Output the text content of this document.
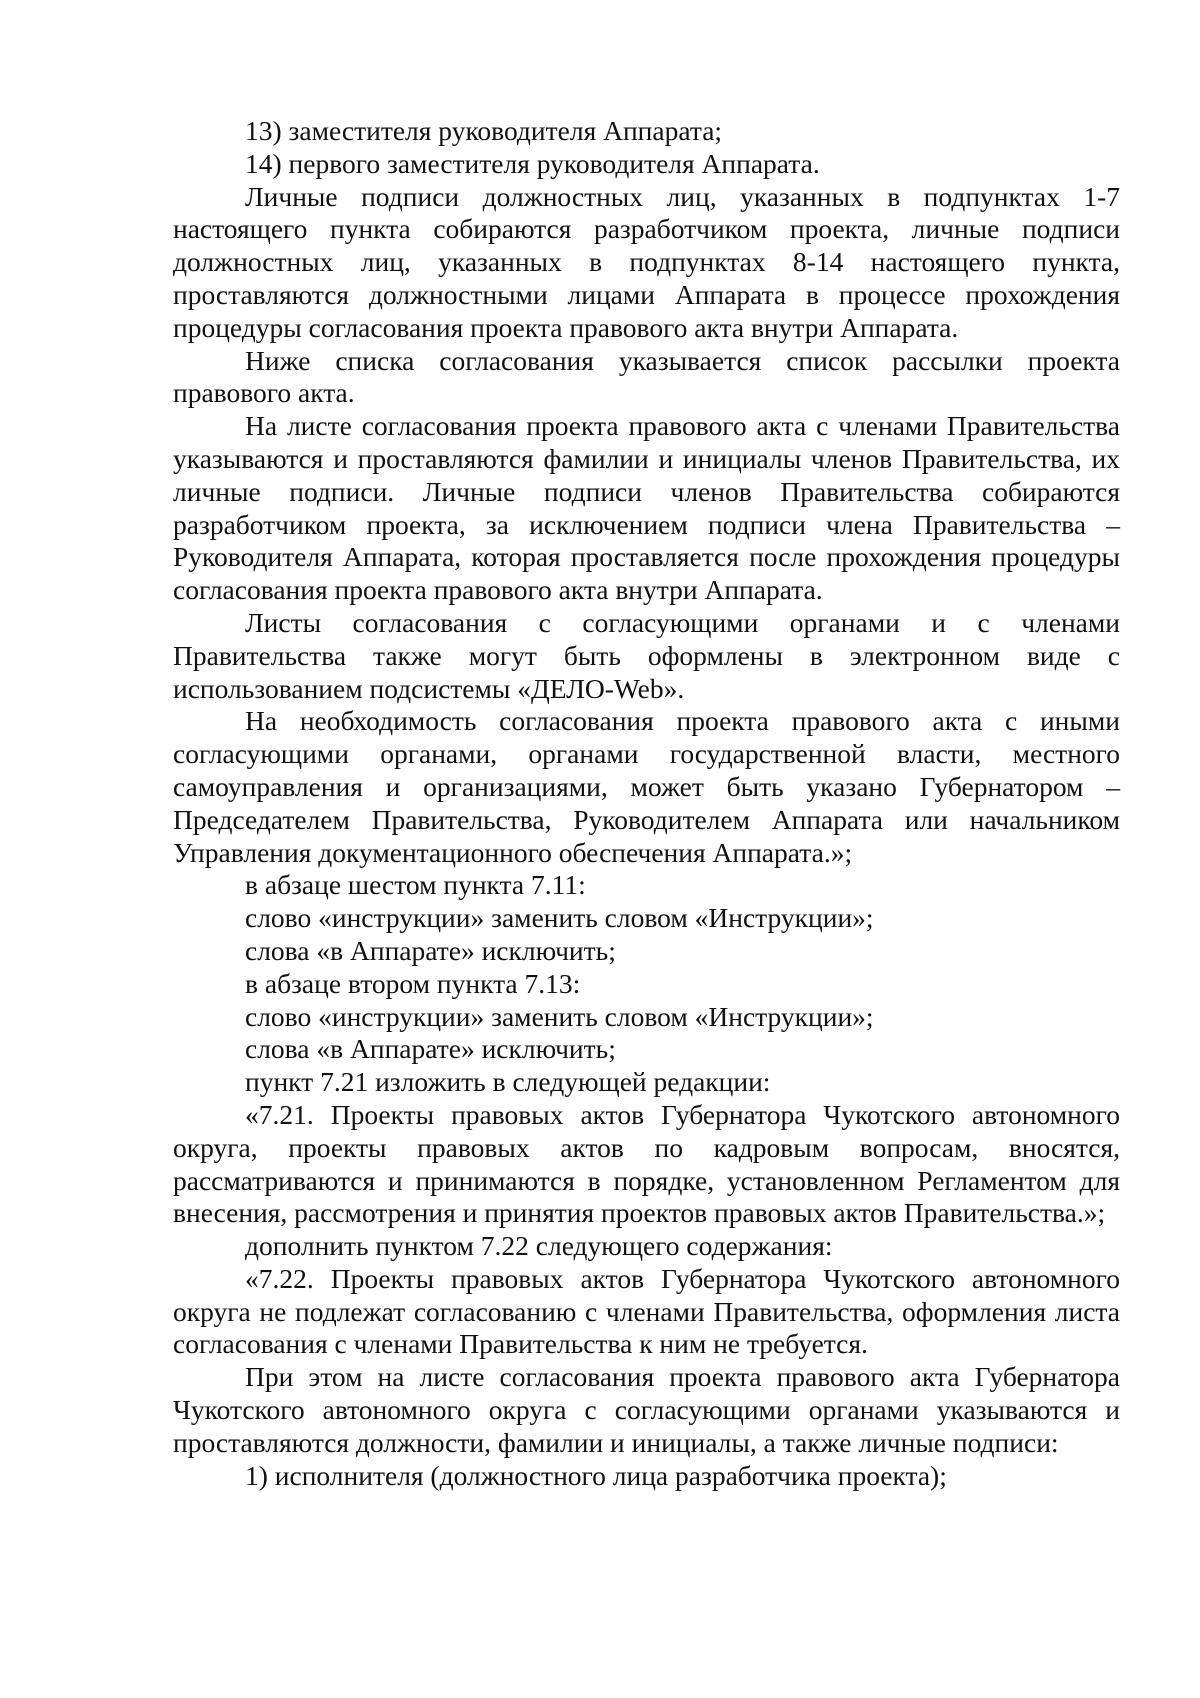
13) заместителя руководителя Аппарата;

14) первого заместителя руководителя Аппарата.

Личные подписи должностных лиц, указанных в подпунктах 1-7 настоящего пункта собираются разработчиком проекта, личные подписи должностных лиц, указанных в подпунктах 8-14 настоящего пункта, проставляются должностными лицами Аппарата в процессе прохождения процедуры согласования проекта правового акта внутри Аппарата.

Ниже списка согласования указывается список рассылки проекта правового акта.

На листе согласования проекта правового акта с членами Правительства указываются и проставляются фамилии и инициалы членов Правительства, их личные подписи. Личные подписи членов Правительства собираются разработчиком проекта, за исключением подписи члена Правительства – Руководителя Аппарата, которая проставляется после прохождения процедуры согласования проекта правового акта внутри Аппарата.

Листы согласования с согласующими органами и с членами Правительства также могут быть оформлены в электронном виде с использованием подсистемы «ДЕЛО-Web».

На необходимость согласования проекта правового акта с иными согласующими органами, органами государственной власти, местного самоуправления и организациями, может быть указано Губернатором – Председателем Правительства, Руководителем Аппарата или начальником Управления документационного обеспечения Аппарата.»;

в абзаце шестом пункта 7.11:

слово «инструкции» заменить словом «Инструкции»;

слова «в Аппарате» исключить;

в абзаце втором пункта 7.13:

слово «инструкции» заменить словом «Инструкции»;

слова «в Аппарате» исключить;

пункт 7.21 изложить в следующей редакции:

«7.21. Проекты правовых актов Губернатора Чукотского автономного округа, проекты правовых актов по кадровым вопросам, вносятся, рассматриваются и принимаются в порядке, установленном Регламентом для внесения, рассмотрения и принятия проектов правовых актов Правительства.»;

дополнить пунктом 7.22 следующего содержания:

«7.22. Проекты правовых актов Губернатора Чукотского автономного округа не подлежат согласованию с членами Правительства, оформления листа согласования с членами Правительства к ним не требуется.

При этом на листе согласования проекта правового акта Губернатора Чукотского автономного округа с согласующими органами указываются и проставляются должности, фамилии и инициалы, а также личные подписи:

1) исполнителя (должностного лица разработчика проекта);
